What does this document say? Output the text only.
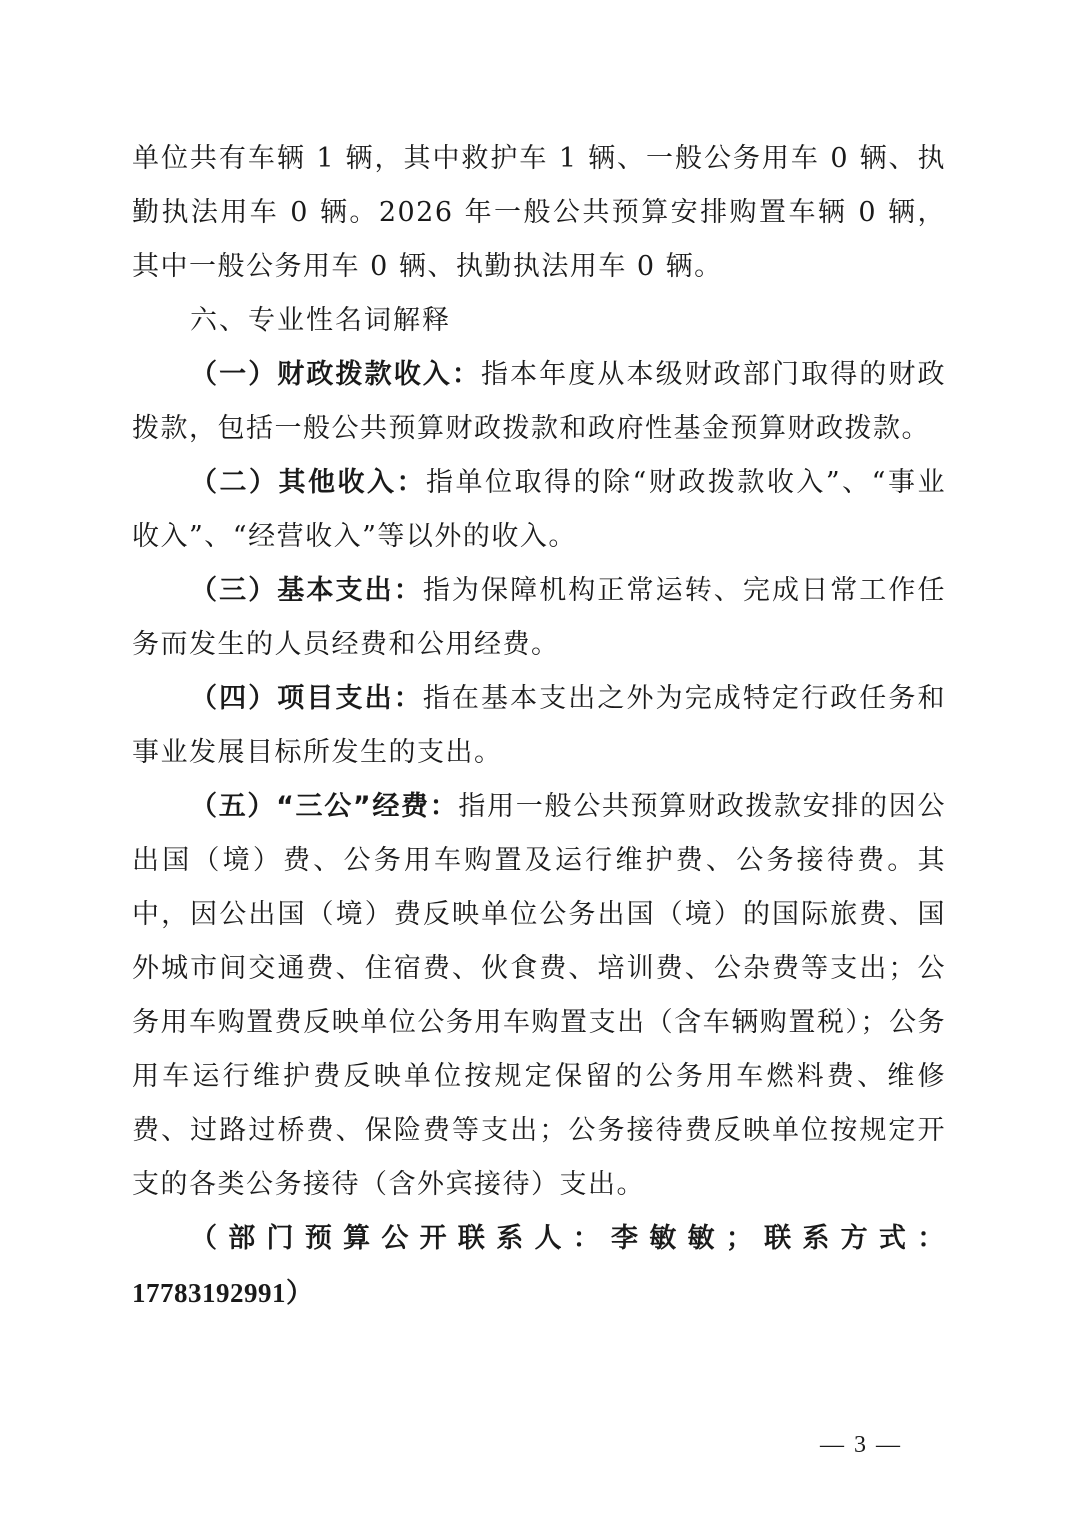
单位共有车辆 1 辆，其中救护车 1 辆、一般公务用车 0 辆、执勤执法用车 0 辆。2026 年一般公共预算安排购置车辆 0 辆，其中一般公务用车 0 辆、执勤执法用车 0 辆。

六、专业性名词解释

（一）财政拨款收入：指本年度从本级财政部门取得的财政拨款，包括一般公共预算财政拨款和政府性基金预算财政拨款。

（二）其他收入：指单位取得的除“财政拨款收入”、“事业收入”、“经营收入”等以外的收入。

（三）基本支出：指为保障机构正常运转、完成日常工作任务而发生的人员经费和公用经费。

（四）项目支出：指在基本支出之外为完成特定行政任务和事业发展目标所发生的支出。

（五）“三公”经费：指用一般公共预算财政拨款安排的因公出国（境）费、公务用车购置及运行维护费、公务接待费。其中，因公出国（境）费反映单位公务出国（境）的国际旅费、国外城市间交通费、住宿费、伙食费、培训费、公杂费等支出；公务用车购置费反映单位公务用车购置支出（含车辆购置税）；公务用车运行维护费反映单位按规定保留的公务用车燃料费、维修费、过路过桥费、保险费等支出；公务接待费反映单位按规定开支的各类公务接待（含外宾接待）支出。

（部门预算公开联系人：李敏敏；联系方式：17783192991）

— 3 —
